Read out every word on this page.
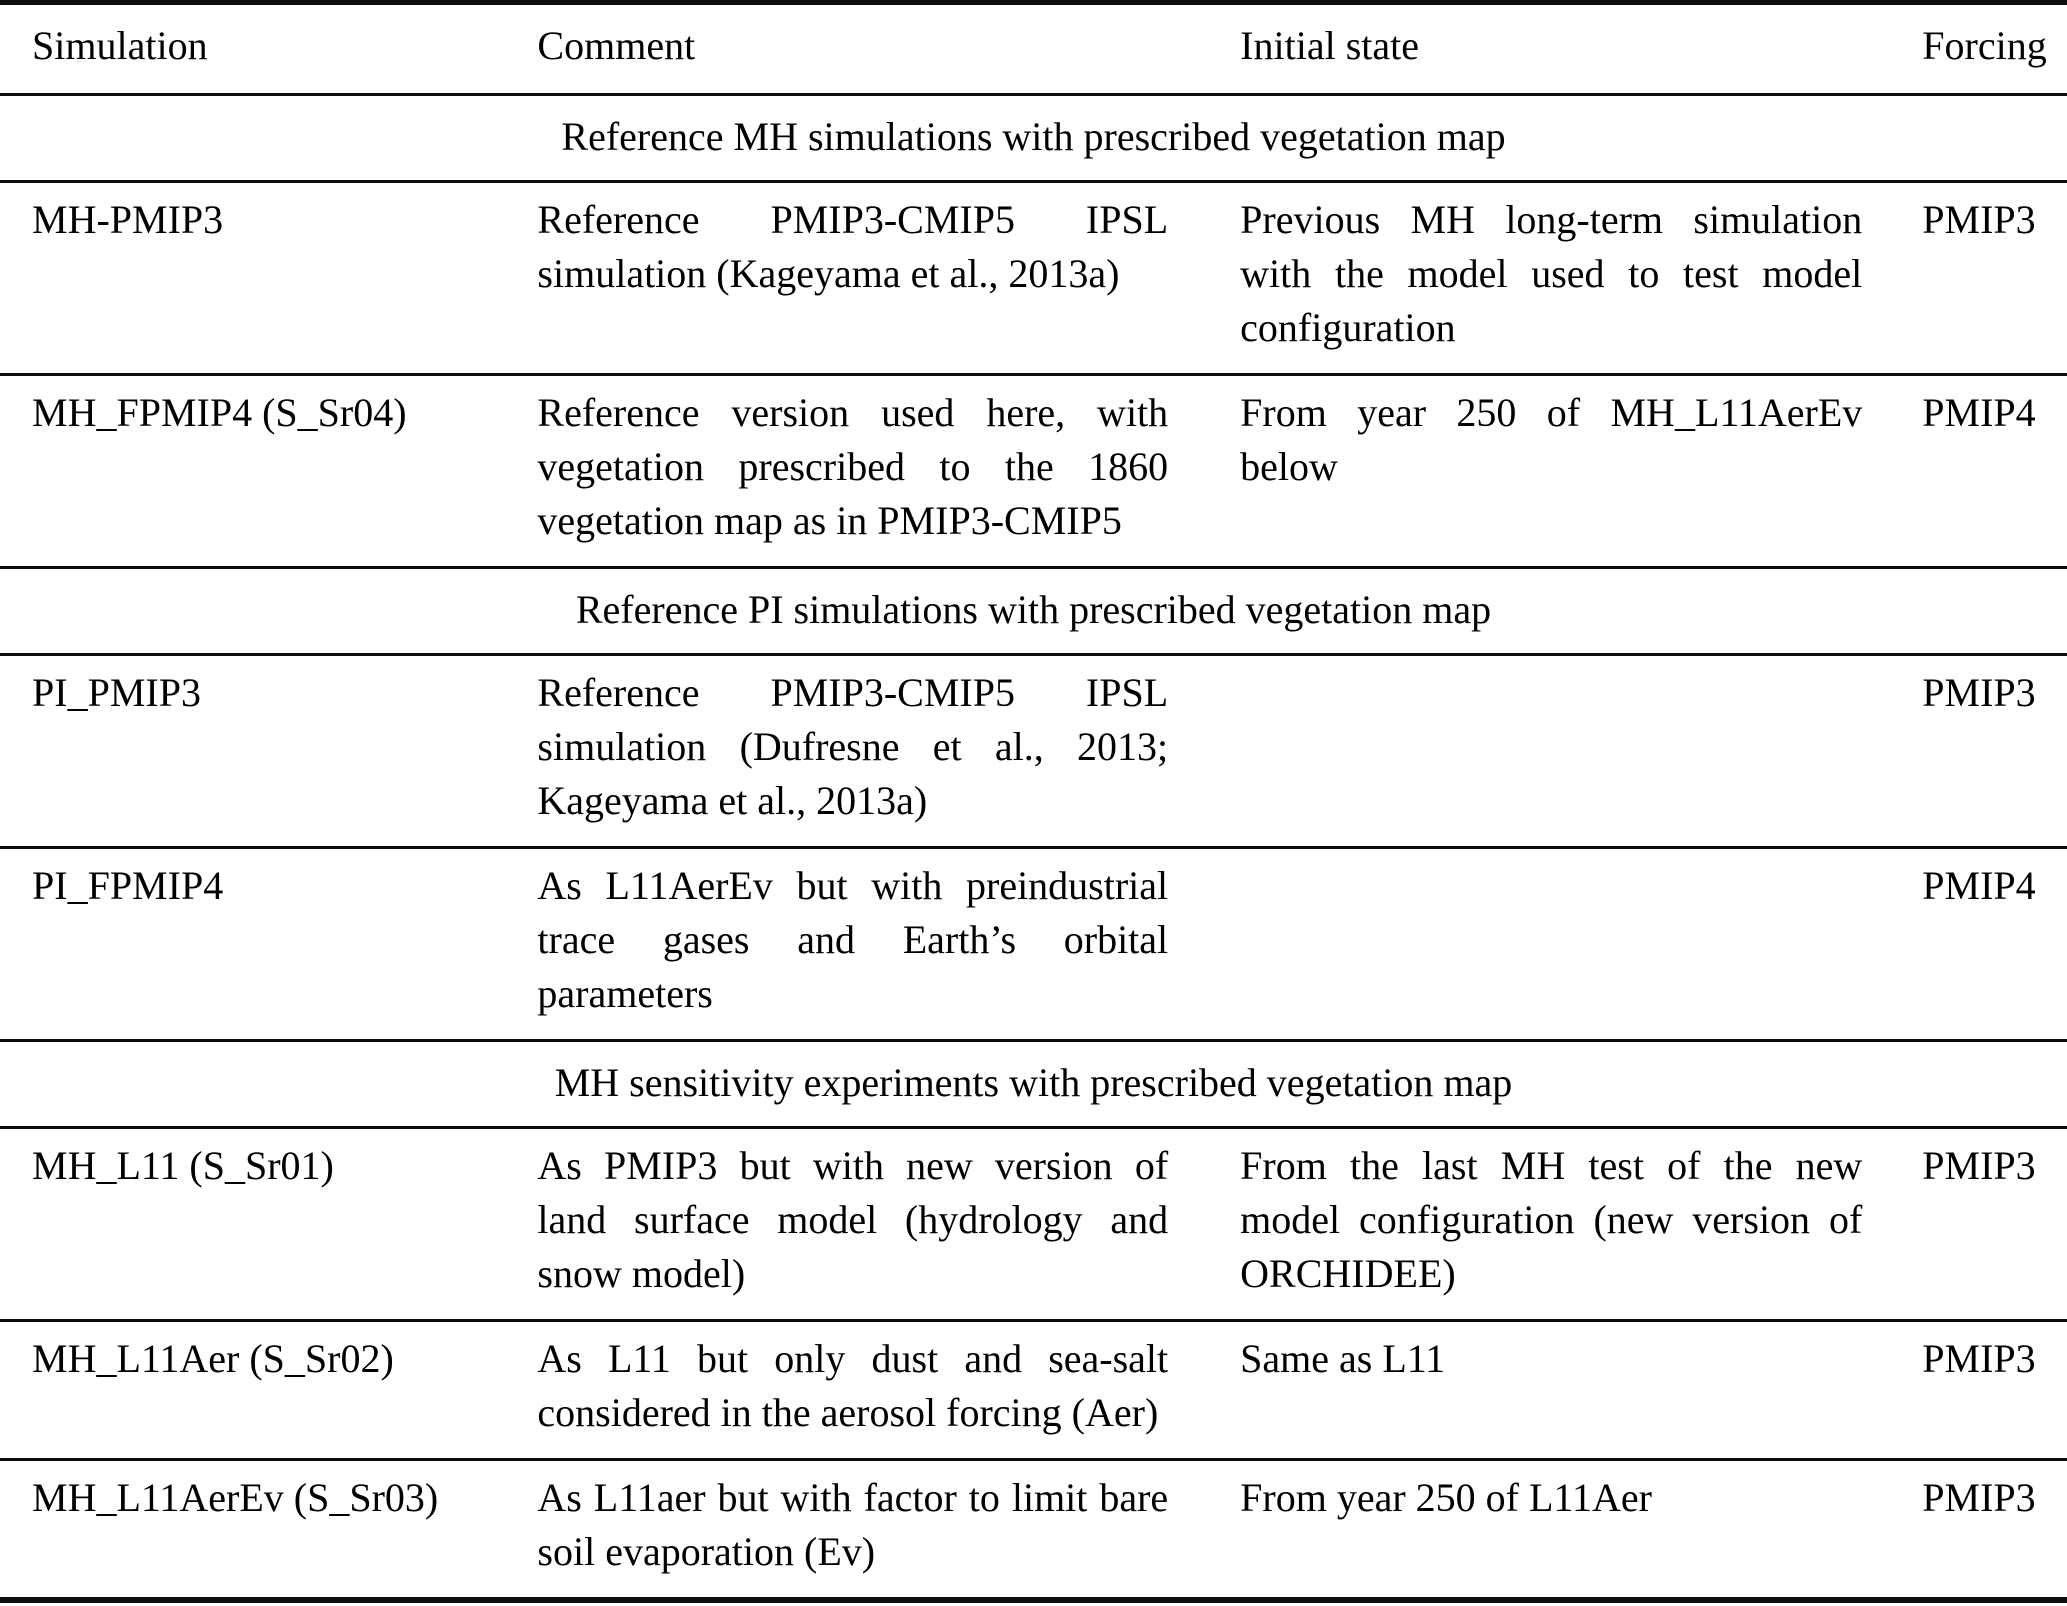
Simulation	Comment	Initial state	Forcing
Reference MH simulations with prescribed vegetation map			
MH-PMIP3	Reference PMIP3-CMIP5 IPSL simulation (Kageyama et al., 2013a)	Previous MH long-term simulation with the model used to test model configuration	PMIP3
MH_FPMIP4 (S_Sr04)	Reference version used here, with vegetation prescribed to the 1860 vegetation map as in PMIP3-CMIP5	From year 250 of MH_L11AerEv below	PMIP4
Reference PI simulations with prescribed vegetation map			
PI_PMIP3	Reference PMIP3-CMIP5 IPSL simulation (Dufresne et al., 2013; Kageyama et al., 2013a)		PMIP3
PI_FPMIP4	As L11AerEv but with preindustrial trace gases and Earth’s orbital parameters		PMIP4
MH sensitivity experiments with prescribed vegetation map			
MH_L11 (S_Sr01)	As PMIP3 but with new version of land surface model (hydrology and snow model)	From the last MH test of the new model configuration (new version of ORCHIDEE)	PMIP3
MH_L11Aer (S_Sr02)	As L11 but only dust and sea-salt considered in the aerosol forcing (Aer)	Same as L11	PMIP3
MH_L11AerEv (S_Sr03)	As L11aer but with factor to limit bare soil evaporation (Ev)	From year 250 of L11Aer	PMIP3
